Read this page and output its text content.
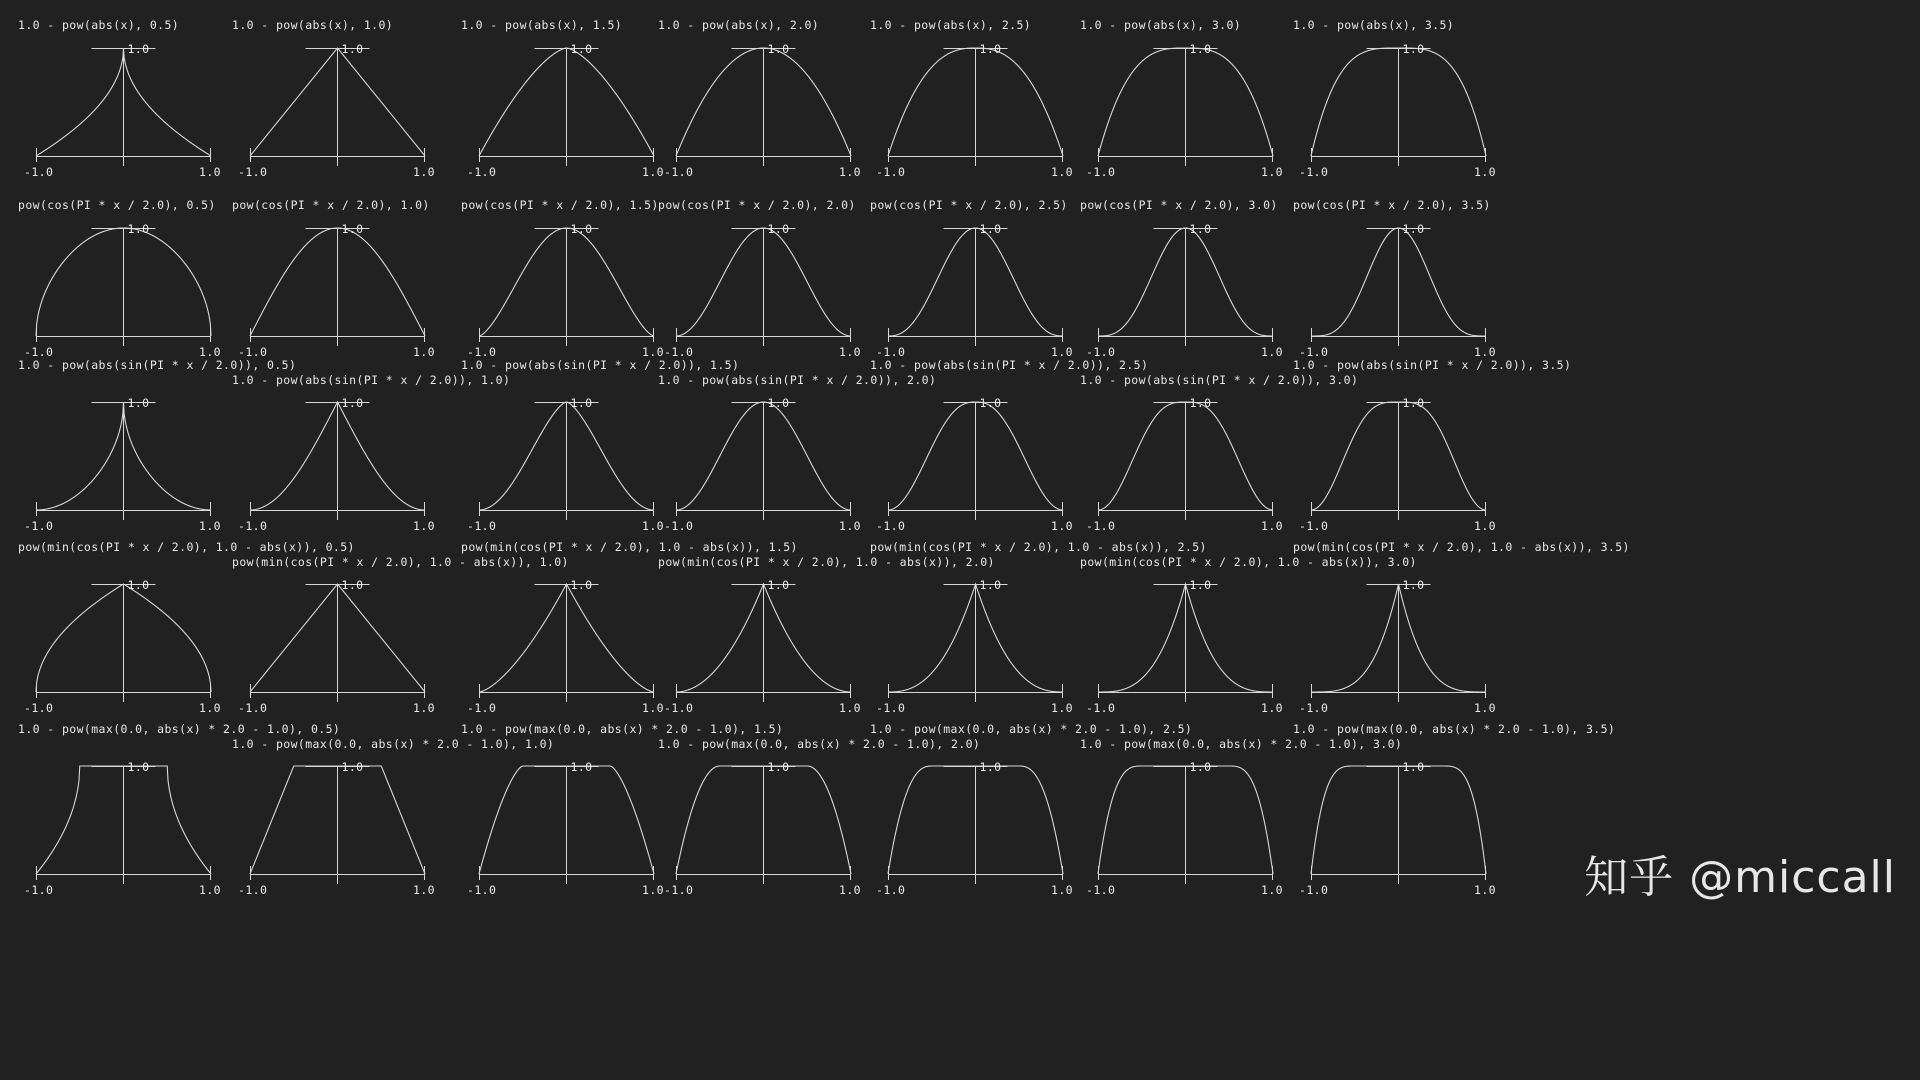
1.0 - pow(abs(x), 0.5)
1.0
-1.0	1.0
1.0 - pow(abs(x), 1.0)
1.0
-1.0	1.0
1.0 - pow(abs(x), 1.5)
1.0
-1.0	1.0
1.0 - pow(abs(x), 2.0)
1.0
-1.0	1.0
1.0 - pow(abs(x), 2.5)
1.0
-1.0	1.0
1.0 - pow(abs(x), 3.0)
1.0
-1.0	1.0
1.0 - pow(abs(x), 3.5)
1.0
-1.0	1.0
pow(cos(PI * x / 2.0), 0.5)
1.0
-1.0	1.0
pow(cos(PI * x / 2.0), 1.0)
1.0
-1.0	1.0
pow(cos(PI * x / 2.0), 1.5)
1.0
-1.0	1.0
pow(cos(PI * x / 2.0), 2.0)
1.0
-1.0	1.0
pow(cos(PI * x / 2.0), 2.5)
1.0
-1.0	1.0
pow(cos(PI * x / 2.0), 3.0)
1.0
-1.0	1.0
pow(cos(PI * x / 2.0), 3.5)
1.0
-1.0	1.0
1.0 - pow(abs(sin(PI * x / 2.0)), 0.5)
1.0
-1.0	1.0
1.0 - pow(abs(sin(PI * x / 2.0)), 1.0)
1.0
-1.0	1.0
1.0 - pow(abs(sin(PI * x / 2.0)), 1.5)
1.0
-1.0	1.0
1.0 - pow(abs(sin(PI * x / 2.0)), 2.0)
1.0
-1.0	1.0
1.0 - pow(abs(sin(PI * x / 2.0)), 2.5)
1.0
-1.0	1.0
1.0 - pow(abs(sin(PI * x / 2.0)), 3.0)
1.0
-1.0	1.0
1.0 - pow(abs(sin(PI * x / 2.0)), 3.5)
1.0
-1.0	1.0
pow(min(cos(PI * x / 2.0), 1.0 - abs(x)), 0.5)
1.0
-1.0	1.0
pow(min(cos(PI * x / 2.0), 1.0 - abs(x)), 1.0)
1.0
-1.0	1.0
pow(min(cos(PI * x / 2.0), 1.0 - abs(x)), 1.5)
1.0
-1.0	1.0
pow(min(cos(PI * x / 2.0), 1.0 - abs(x)), 2.0)
1.0
-1.0	1.0
pow(min(cos(PI * x / 2.0), 1.0 - abs(x)), 2.5)
1.0
-1.0	1.0
pow(min(cos(PI * x / 2.0), 1.0 - abs(x)), 3.0)
1.0
-1.0	1.0
pow(min(cos(PI * x / 2.0), 1.0 - abs(x)), 3.5)
1.0
-1.0	1.0
1.0 - pow(max(0.0, abs(x) * 2.0 - 1.0), 0.5)
1.0
-1.0	1.0
1.0 - pow(max(0.0, abs(x) * 2.0 - 1.0), 1.0)
1.0
-1.0	1.0
1.0 - pow(max(0.0, abs(x) * 2.0 - 1.0), 1.5)
1.0
-1.0	1.0
1.0 - pow(max(0.0, abs(x) * 2.0 - 1.0), 2.0)
1.0
-1.0	1.0
1.0 - pow(max(0.0, abs(x) * 2.0 - 1.0), 2.5)
1.0
-1.0	1.0
1.0 - pow(max(0.0, abs(x) * 2.0 - 1.0), 3.0)
1.0
-1.0	1.0
1.0 - pow(max(0.0, abs(x) * 2.0 - 1.0), 3.5)
1.0
-1.0	1.0 知乎 @miccall
